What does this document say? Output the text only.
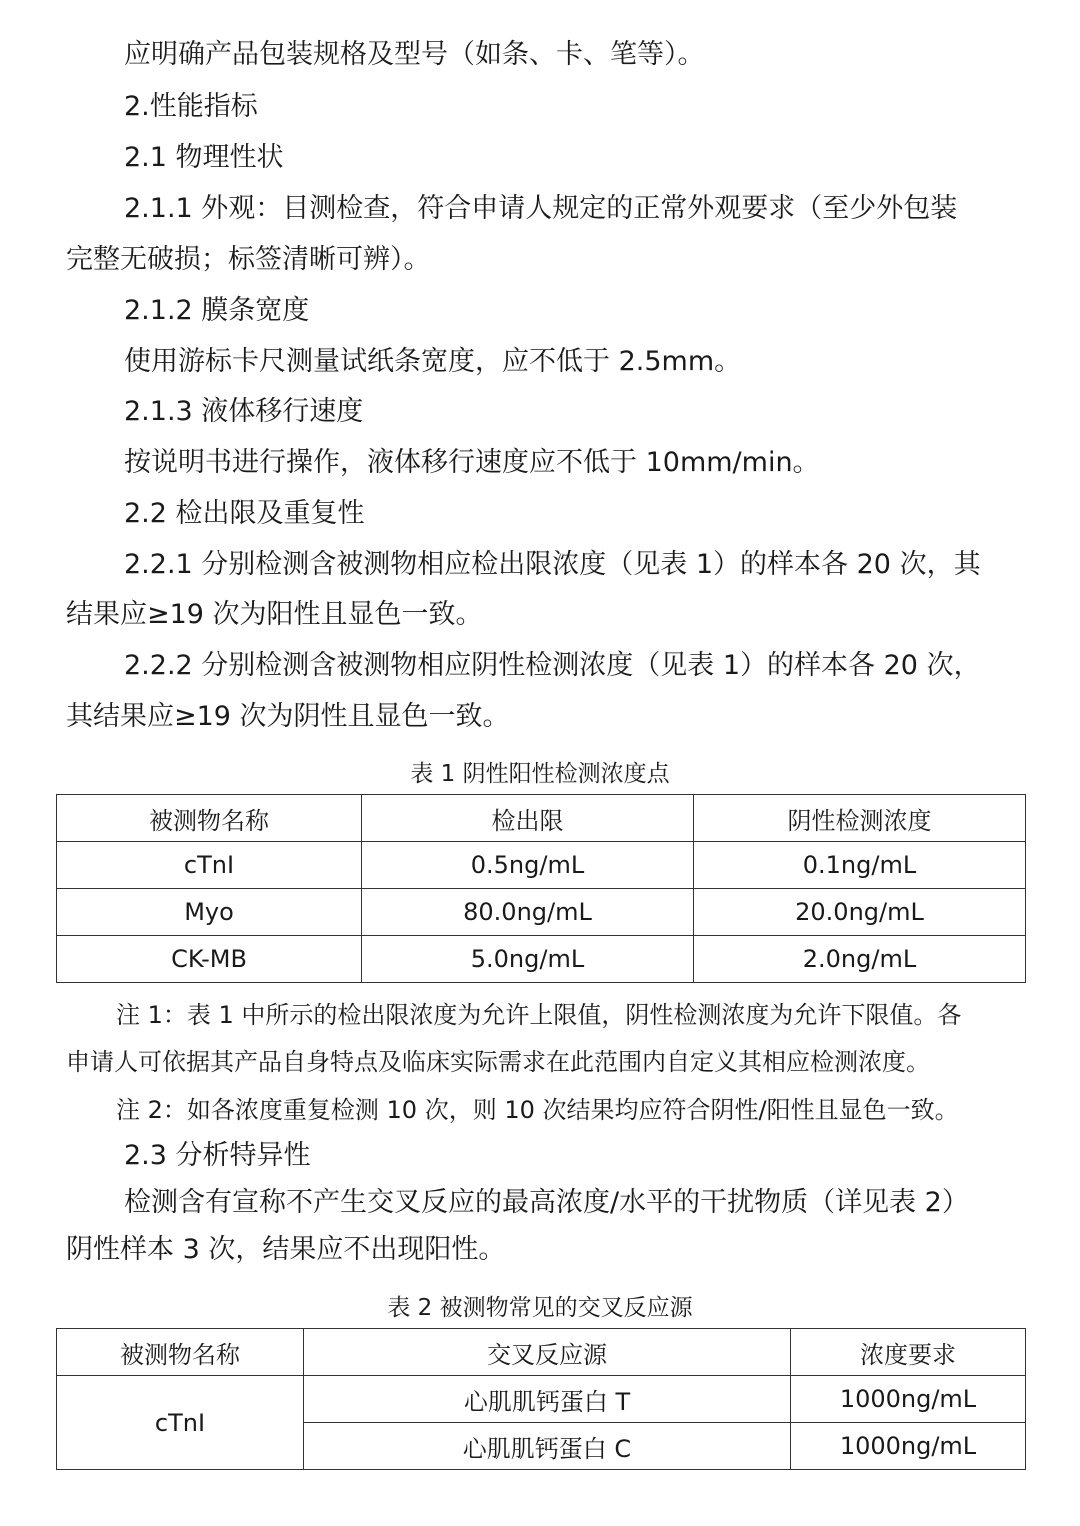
应明确产品包装规格及型号（如条、卡、笔等）。

2.性能指标

2.1 物理性状

2.1.1 外观：目测检查，符合申请人规定的正常外观要求（至少外包装

完整无破损；标签清晰可辨）。

2.1.2 膜条宽度

使用游标卡尺测量试纸条宽度，应不低于 2.5mm。

2.1.3 液体移行速度

按说明书进行操作，液体移行速度应不低于 10mm/min。

2.2 检出限及重复性

2.2.1 分别检测含被测物相应检出限浓度（见表 1）的样本各 20 次，其

结果应≥19 次为阳性且显色一致。

2.2.2 分别检测含被测物相应阴性检测浓度（见表 1）的样本各 20 次，

其结果应≥19 次为阴性且显色一致。

表 1 阴性阳性检测浓度点
被测物名称	检出限	阴性检测浓度
cTnI	0.5ng/mL	0.1ng/mL
Myo	80.0ng/mL	20.0ng/mL
CK-MB	5.0ng/mL	2.0ng/mL

注 1：表 1 中所示的检出限浓度为允许上限值，阴性检测浓度为允许下限值。各

申请人可依据其产品自身特点及临床实际需求在此范围内自定义其相应检测浓度。

注 2：如各浓度重复检测 10 次，则 10 次结果均应符合阴性/阳性且显色一致。

2.3 分析特异性

检测含有宣称不产生交叉反应的最高浓度/水平的干扰物质（详见表 2）

阴性样本 3 次，结果应不出现阳性。

表 2 被测物常见的交叉反应源
被测物名称	交叉反应源	浓度要求
cTnI	心肌肌钙蛋白 T	1000ng/mL
	心肌肌钙蛋白 C	1000ng/mL
